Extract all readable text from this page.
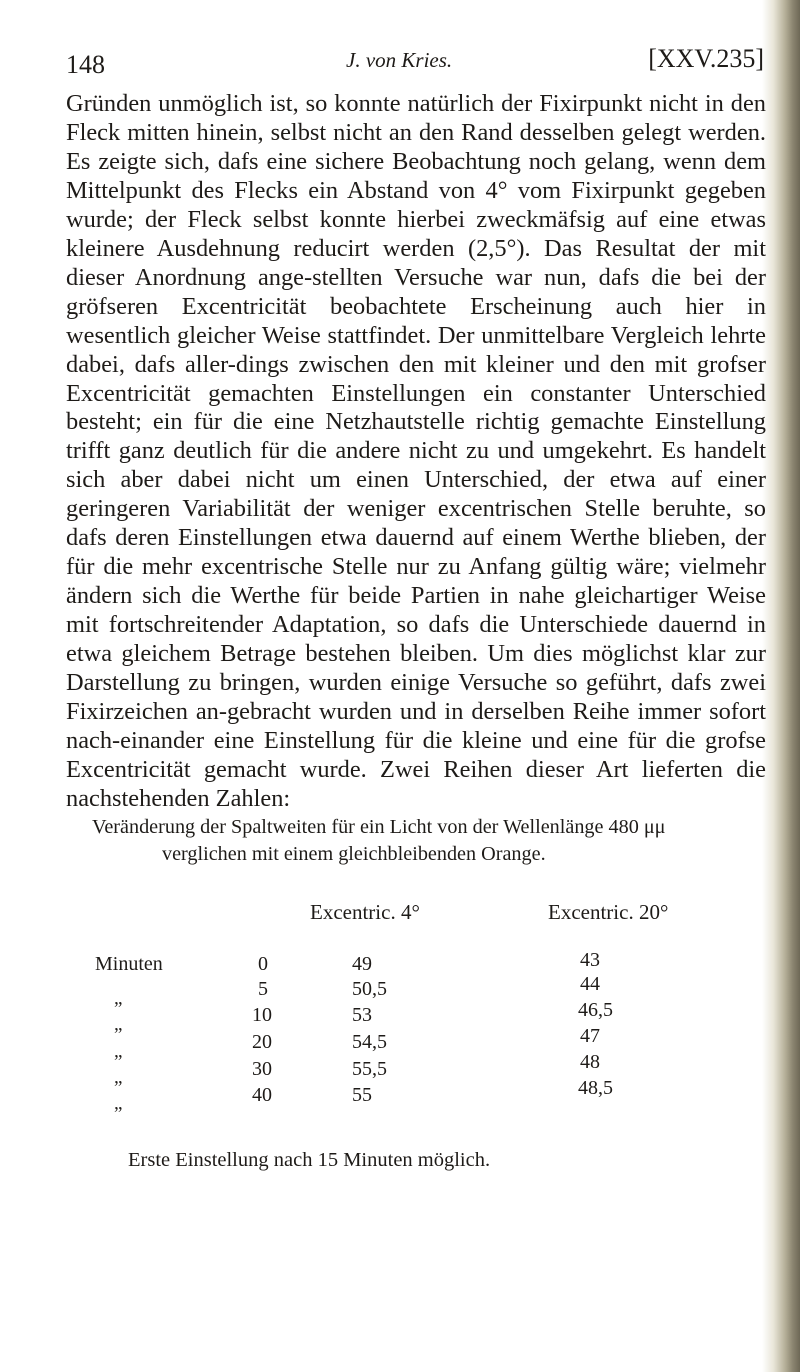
148	J. von Kries.	[XXV.235]

Gründen unmöglich ist, so konnte natürlich der Fixirpunkt nicht in den Fleck mitten hinein, selbst nicht an den Rand desselben gelegt werden. Es zeigte sich, dafs eine sichere Beobachtung noch gelang, wenn dem Mittelpunkt des Flecks ein Abstand von 4° vom Fixirpunkt gegeben wurde; der Fleck selbst konnte hierbei zweckmäfsig auf eine etwas kleinere Ausdehnung reducirt werden (2,5°). Das Resultat der mit dieser Anordnung ange-stellten Versuche war nun, dafs die bei der gröfseren Excentricität beobachtete Erscheinung auch hier in wesentlich gleicher Weise stattfindet. Der unmittelbare Vergleich lehrte dabei, dafs aller-dings zwischen den mit kleiner und den mit grofser Excentricität gemachten Einstellungen ein constanter Unterschied besteht; ein für die eine Netzhautstelle richtig gemachte Einstellung trifft ganz deutlich für die andere nicht zu und umgekehrt. Es handelt sich aber dabei nicht um einen Unterschied, der etwa auf einer geringeren Variabilität der weniger excentrischen Stelle beruhte, so dafs deren Einstellungen etwa dauernd auf einem Werthe blieben, der für die mehr excentrische Stelle nur zu Anfang gültig wäre; vielmehr ändern sich die Werthe für beide Partien in nahe gleichartiger Weise mit fortschreitender Adaptation, so dafs die Unterschiede dauernd in etwa gleichem Betrage bestehen bleiben. Um dies möglichst klar zur Darstellung zu bringen, wurden einige Versuche so geführt, dafs zwei Fixirzeichen an-gebracht wurden und in derselben Reihe immer sofort nach-einander eine Einstellung für die kleine und eine für die grofse Excentricität gemacht wurde. Zwei Reihen dieser Art lieferten die nachstehenden Zahlen:

Veränderung der Spaltweiten für ein Licht von der Wellenlänge 480 μμ
verglichen mit einem gleichbleibenden Orange.
Excentric. 4°	Excentric. 20°
Minuten	0	49	43
„	5	50,5	44
„	10	53	46,5
„	20	54,5	47
„	30	55,5	48
„	40	55	48,5
Erste Einstellung nach 15 Minuten möglich.
